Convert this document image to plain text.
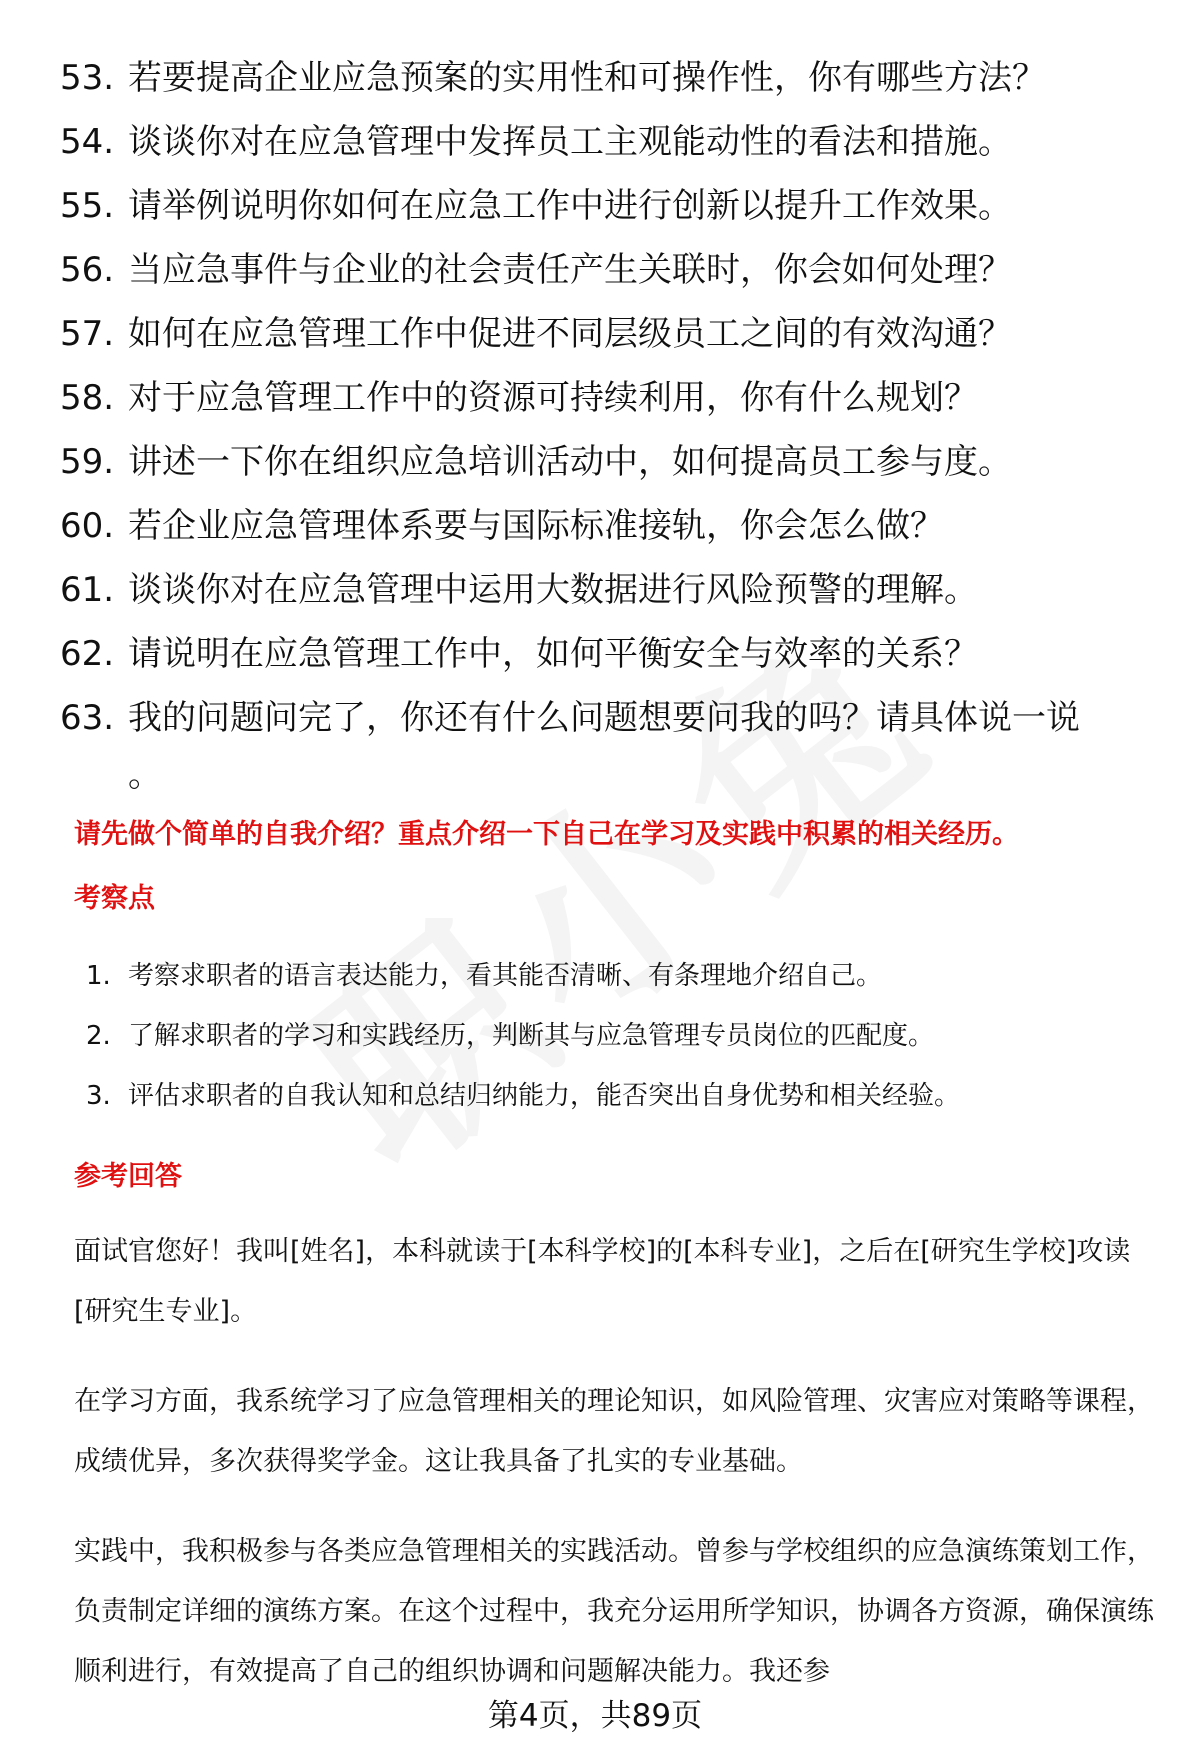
53. 若要提高企业应急预案的实用性和可操作性，你有哪些方法？
54. 谈谈你对在应急管理中发挥员工主观能动性的看法和措施。
55. 请举例说明你如何在应急工作中进行创新以提升工作效果。
56. 当应急事件与企业的社会责任产生关联时，你会如何处理？
57. 如何在应急管理工作中促进不同层级员工之间的有效沟通？
58. 对于应急管理工作中的资源可持续利用，你有什么规划？
59. 讲述一下你在组织应急培训活动中，如何提高员工参与度。
60. 若企业应急管理体系要与国际标准接轨，你会怎么做？
61. 谈谈你对在应急管理中运用大数据进行风险预警的理解。
62. 请说明在应急管理工作中，如何平衡安全与效率的关系？
63. 我的问题问完了，你还有什么问题想要问我的吗？请具体说一说
。
请先做个简单的自我介绍？重点介绍一下自己在学习及实践中积累的相关经历。
考察点
1. 考察求职者的语言表达能力，看其能否清晰、有条理地介绍自己。
2. 了解求职者的学习和实践经历，判断其与应急管理专员岗位的匹配度。
3. 评估求职者的自我认知和总结归纳能力，能否突出自身优势和相关经验。
参考回答

面试官您好！我叫[姓名]，本科就读于[本科学校]的[本科专业]，之后在[研究生学校]攻读[研究生专业]。

在学习方面，我系统学习了应急管理相关的理论知识，如风险管理、灾害应对策略等课程，成绩优异，多次获得奖学金。这让我具备了扎实的专业基础。

实践中，我积极参与各类应急管理相关的实践活动。曾参与学校组织的应急演练策划工作，负责制定详细的演练方案。在这个过程中，我充分运用所学知识，协调各方资源，确保演练顺利进行，有效提高了自己的组织协调和问题解决能力。我还参

第4页，共89页
